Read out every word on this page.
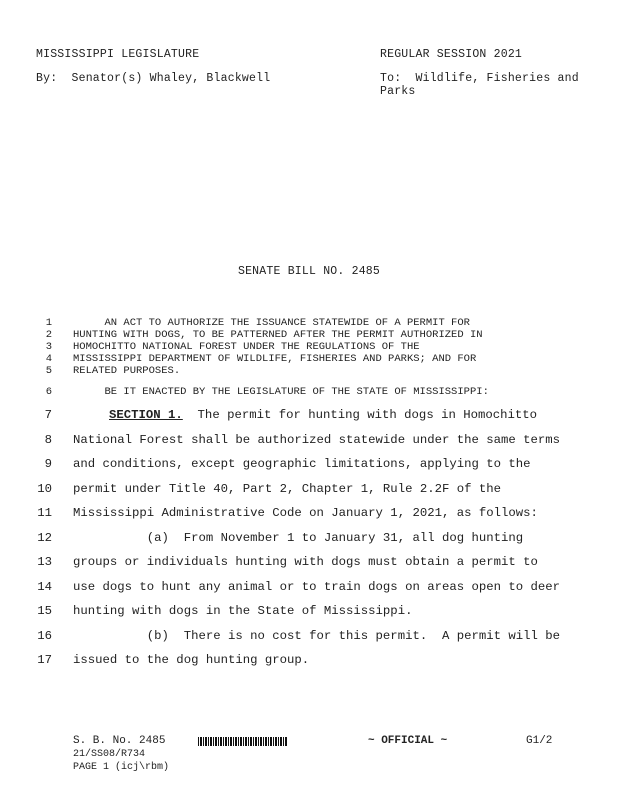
MISSISSIPPI LEGISLATURE	REGULAR SESSION 2021
By:  Senator(s) Whaley, Blackwell	To:  Wildlife, Fisheries and
Parks
SENATE BILL NO. 2485
1 AN ACT TO AUTHORIZE THE ISSUANCE STATEWIDE OF A PERMIT FOR
2 HUNTING WITH DOGS, TO BE PATTERNED AFTER THE PERMIT AUTHORIZED IN
3 HOMOCHITTO NATIONAL FOREST UNDER THE REGULATIONS OF THE
4 MISSISSIPPI DEPARTMENT OF WILDLIFE, FISHERIES AND PARKS; AND FOR
5 RELATED PURPOSES.
6 BE IT ENACTED BY THE LEGISLATURE OF THE STATE OF MISSISSIPPI:
7	SECTION 1.  The permit for hunting with dogs in Homochitto
8 National Forest shall be authorized statewide under the same terms
9 and conditions, except geographic limitations, applying to the
10 permit under Title 40, Part 2, Chapter 1, Rule 2.2F of the
11 Mississippi Administrative Code on January 1, 2021, as follows:
12 (a)  From November 1 to January 31, all dog hunting
13 groups or individuals hunting with dogs must obtain a permit to
14 use dogs to hunt any animal or to train dogs on areas open to deer
15 hunting with dogs in the State of Mississippi.
16 (b)  There is no cost for this permit.  A permit will be
17 issued to the dog hunting group.
S. B. No. 2485	~ OFFICIAL ~	G1/2
21/SS08/R734
PAGE 1 (icj\rbm)
